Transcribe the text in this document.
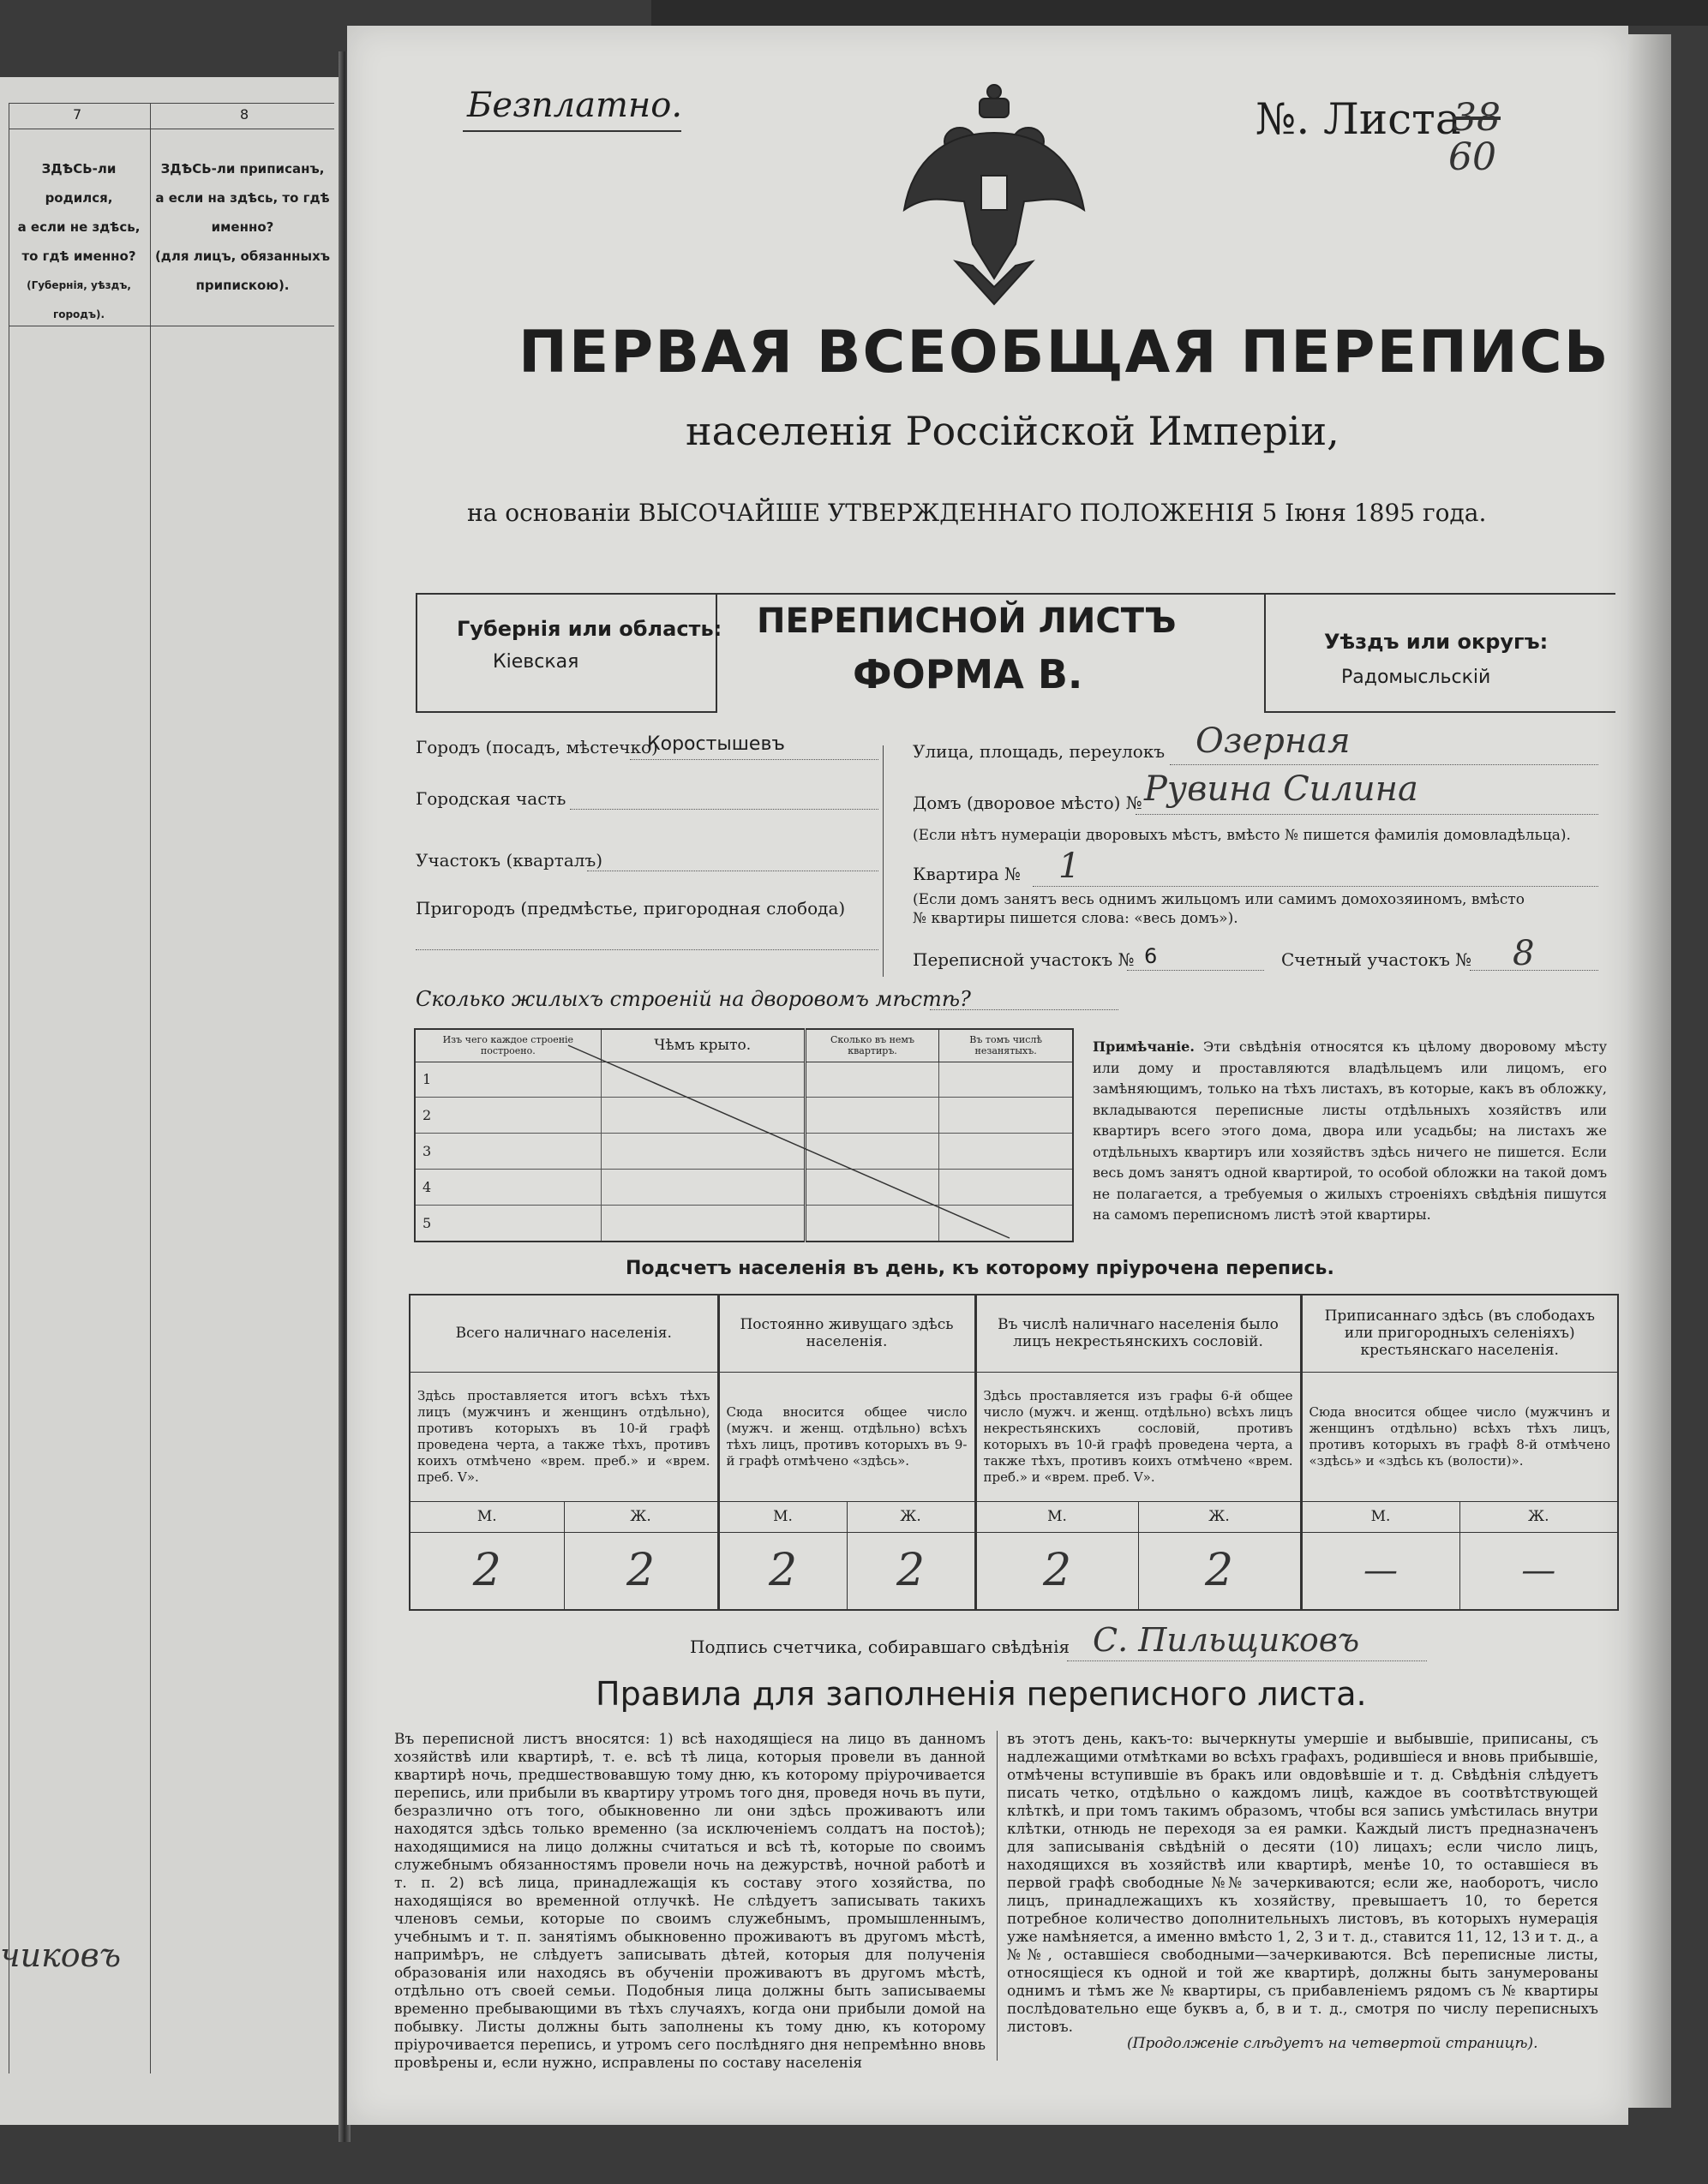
7	8
ЗДѢСЬ-ли родился,
а если не здѣсь,
то гдѣ именно?
(Губернія, уѣздъ, городъ).
ЗДѢСЬ-ли приписанъ,
а если на здѣсь, то гдѣ
именно?
(для лицъ, обязанныхъ
припискою).
чиковъ
Безплатно.	№. Листа
38
60
ПЕРВАЯ ВСЕОБЩАЯ ПЕРЕПИСЬ
населенія Россійской Имперіи,
на основаніи ВЫСОЧАЙШЕ УТВЕРЖДЕННАГО ПОЛОЖЕНІЯ 5 Іюня 1895 года.
Губернія или область:
Кіевская
ПЕРЕПИСНОЙ ЛИСТЪ
ФОРМА В.
Уѣздъ или округъ:
Радомысльскій
Городъ (посадъ, мѣстечко)
Коростышевъ
Городская часть
Участокъ (кварталъ)
Пригородъ (предмѣстье, пригородная слобода)
Улица, площадь, переулокъ Озерная
Домъ (дворовое мѣсто) № Рувина Силина
(Если нѣтъ нумераціи дворовыхъ мѣстъ, вмѣсто № пишется фамилія домовладѣльца).
Квартира № 1
(Если домъ занятъ весь однимъ жильцомъ или самимъ домохозяиномъ, вмѣсто
№ квартиры пишется слова: «весь домъ»).
Переписной участокъ № 6	Счетный участокъ № 8
Сколько жилыхъ строеній на дворовомъ мѣстѣ?
Изъ чего каждое строеніе построено.	Чѣмъ крыто.	Сколько въ немъ квартиръ.	Въ томъ числѣ незанятыхъ.
1			
2			
3			
4			
5			
Примѣчаніе. Эти свѣдѣнія относятся къ цѣлому дворовому мѣсту или дому и проставляются владѣльцемъ или лицомъ, его замѣняющимъ, только на тѣхъ листахъ, въ которые, какъ въ обложку, вкладываются переписные листы отдѣльныхъ хозяйствъ или квартиръ всего этого дома, двора или усадьбы; на листахъ же отдѣльныхъ квартиръ или хозяйствъ здѣсь ничего не пишется. Если весь домъ занятъ одной квартирой, то особой обложки на такой домъ не полагается, а требуемыя о жилыхъ строеніяхъ свѣдѣнія пишутся на самомъ переписномъ листѣ этой квартиры.
Подсчетъ населенія въ день, къ которому пріурочена перепись.
Всего наличнаго населенія.		Постоянно живущаго здѣсь населенія.		Въ числѣ наличнаго населенія было лицъ некрестьянскихъ сословій.		Приписаннаго здѣсь (въ слободахъ или пригородныхъ селеніяхъ) крестьянскаго населенія.	
Здѣсь проставляется итогъ всѣхъ тѣхъ лицъ (мужчинъ и женщинъ отдѣльно), противъ которыхъ въ 10-й графѣ проведена черта, а также тѣхъ, противъ коихъ отмѣчено «врем. преб.» и «врем. преб. V».		Сюда вносится общее число (мужч. и женщ. отдѣльно) всѣхъ тѣхъ лицъ, противъ которыхъ въ 9-й графѣ отмѣчено «здѣсь».		Здѣсь проставляется изъ графы 6-й общее число (мужч. и женщ. отдѣльно) всѣхъ лицъ некрестьянскихъ сословій, противъ которыхъ въ 10-й графѣ проведена черта, а также тѣхъ, противъ коихъ отмѣчено «врем. преб.» и «врем. преб. V».		Сюда вносится общее число (мужчинъ и женщинъ отдѣльно) всѣхъ тѣхъ лицъ, противъ которыхъ въ графѣ 8-й отмѣчено «здѣсь» и «здѣсь къ (волости)».	
М.	Ж.	М.	Ж.	М.	Ж.	М.	Ж.
2	2	2	2	2	2	—	—
Подпись счетчика, собиравшаго свѣдѣнія С. Пильщиковъ
Правила для заполненія переписного листа.
Въ переписной листъ вносятся: 1) всѣ находящіеся на лицо въ данномъ хозяйствѣ или квартирѣ, т. е. всѣ тѣ лица, которыя провели въ данной квартирѣ ночь, предшествовавшую тому дню, къ которому пріурочивается перепись, или прибыли въ квартиру утромъ того дня, проведя ночь въ пути, безразлично отъ того, обыкновенно ли они здѣсь проживаютъ или находятся здѣсь только временно (за исключеніемъ солдатъ на постоѣ); находящимися на лицо должны считаться и всѣ тѣ, которые по своимъ служебнымъ обязанностямъ провели ночь на дежурствѣ, ночной работѣ и т. п. 2) всѣ лица, принадлежащія къ составу этого хозяйства, по находящіяся во временной отлучкѣ. Не слѣдуетъ записывать такихъ членовъ семьи, которые по своимъ служебнымъ, промышленнымъ, учебнымъ и т. п. занятіямъ обыкновенно проживаютъ въ другомъ мѣстѣ, напримѣръ, не слѣдуетъ записывать дѣтей, которыя для полученія образованія или находясь въ обученіи проживаютъ въ другомъ мѣстѣ, отдѣльно отъ своей семьи. Подобныя лица должны быть записываемы временно пребывающими въ тѣхъ случаяхъ, когда они прибыли домой на побывку. Листы должны быть заполнены къ тому дню, къ которому пріурочивается перепись, и утромъ сего послѣдняго дня непремѣнно вновь провѣрены и, если нужно, исправлены по составу населенія
въ этотъ день, какъ-то: вычеркнуты умершіе и выбывшіе, приписаны, съ надлежащими отмѣтками во всѣхъ графахъ, родившіеся и вновь прибывшіе, отмѣчены вступившіе въ бракъ или овдовѣвшіе и т. д. Свѣдѣнія слѣдуетъ писать четко, отдѣльно о каждомъ лицѣ, каждое въ соотвѣтствующей клѣткѣ, и при томъ такимъ образомъ, чтобы вся запись умѣстилась внутри клѣтки, отнюдь не переходя за ея рамки. Каждый листъ предназначенъ для записыванія свѣдѣній о десяти (10) лицахъ; если число лицъ, находящихся въ хозяйствѣ или квартирѣ, менѣе 10, то оставшіеся въ первой графѣ свободные №№ зачеркиваются; если же, наоборотъ, число лицъ, принадлежащихъ къ хозяйству, превышаетъ 10, то берется потребное количество дополнительныхъ листовъ, въ которыхъ нумерація уже намѣняется, а именно вмѣсто 1, 2, 3 и т. д., ставится 11, 12, 13 и т. д., а №№, оставшіеся свободными—зачеркиваются. Всѣ переписные листы, относящіеся къ одной и той же квартирѣ, должны быть занумерованы однимъ и тѣмъ же № квартиры, съ прибавленіемъ рядомъ съ № квартиры послѣдовательно еще буквъ а, б, в и т. д., смотря по числу переписныхъ листовъ.
(Продолженіе слѣдуетъ на четвертой страницѣ).
